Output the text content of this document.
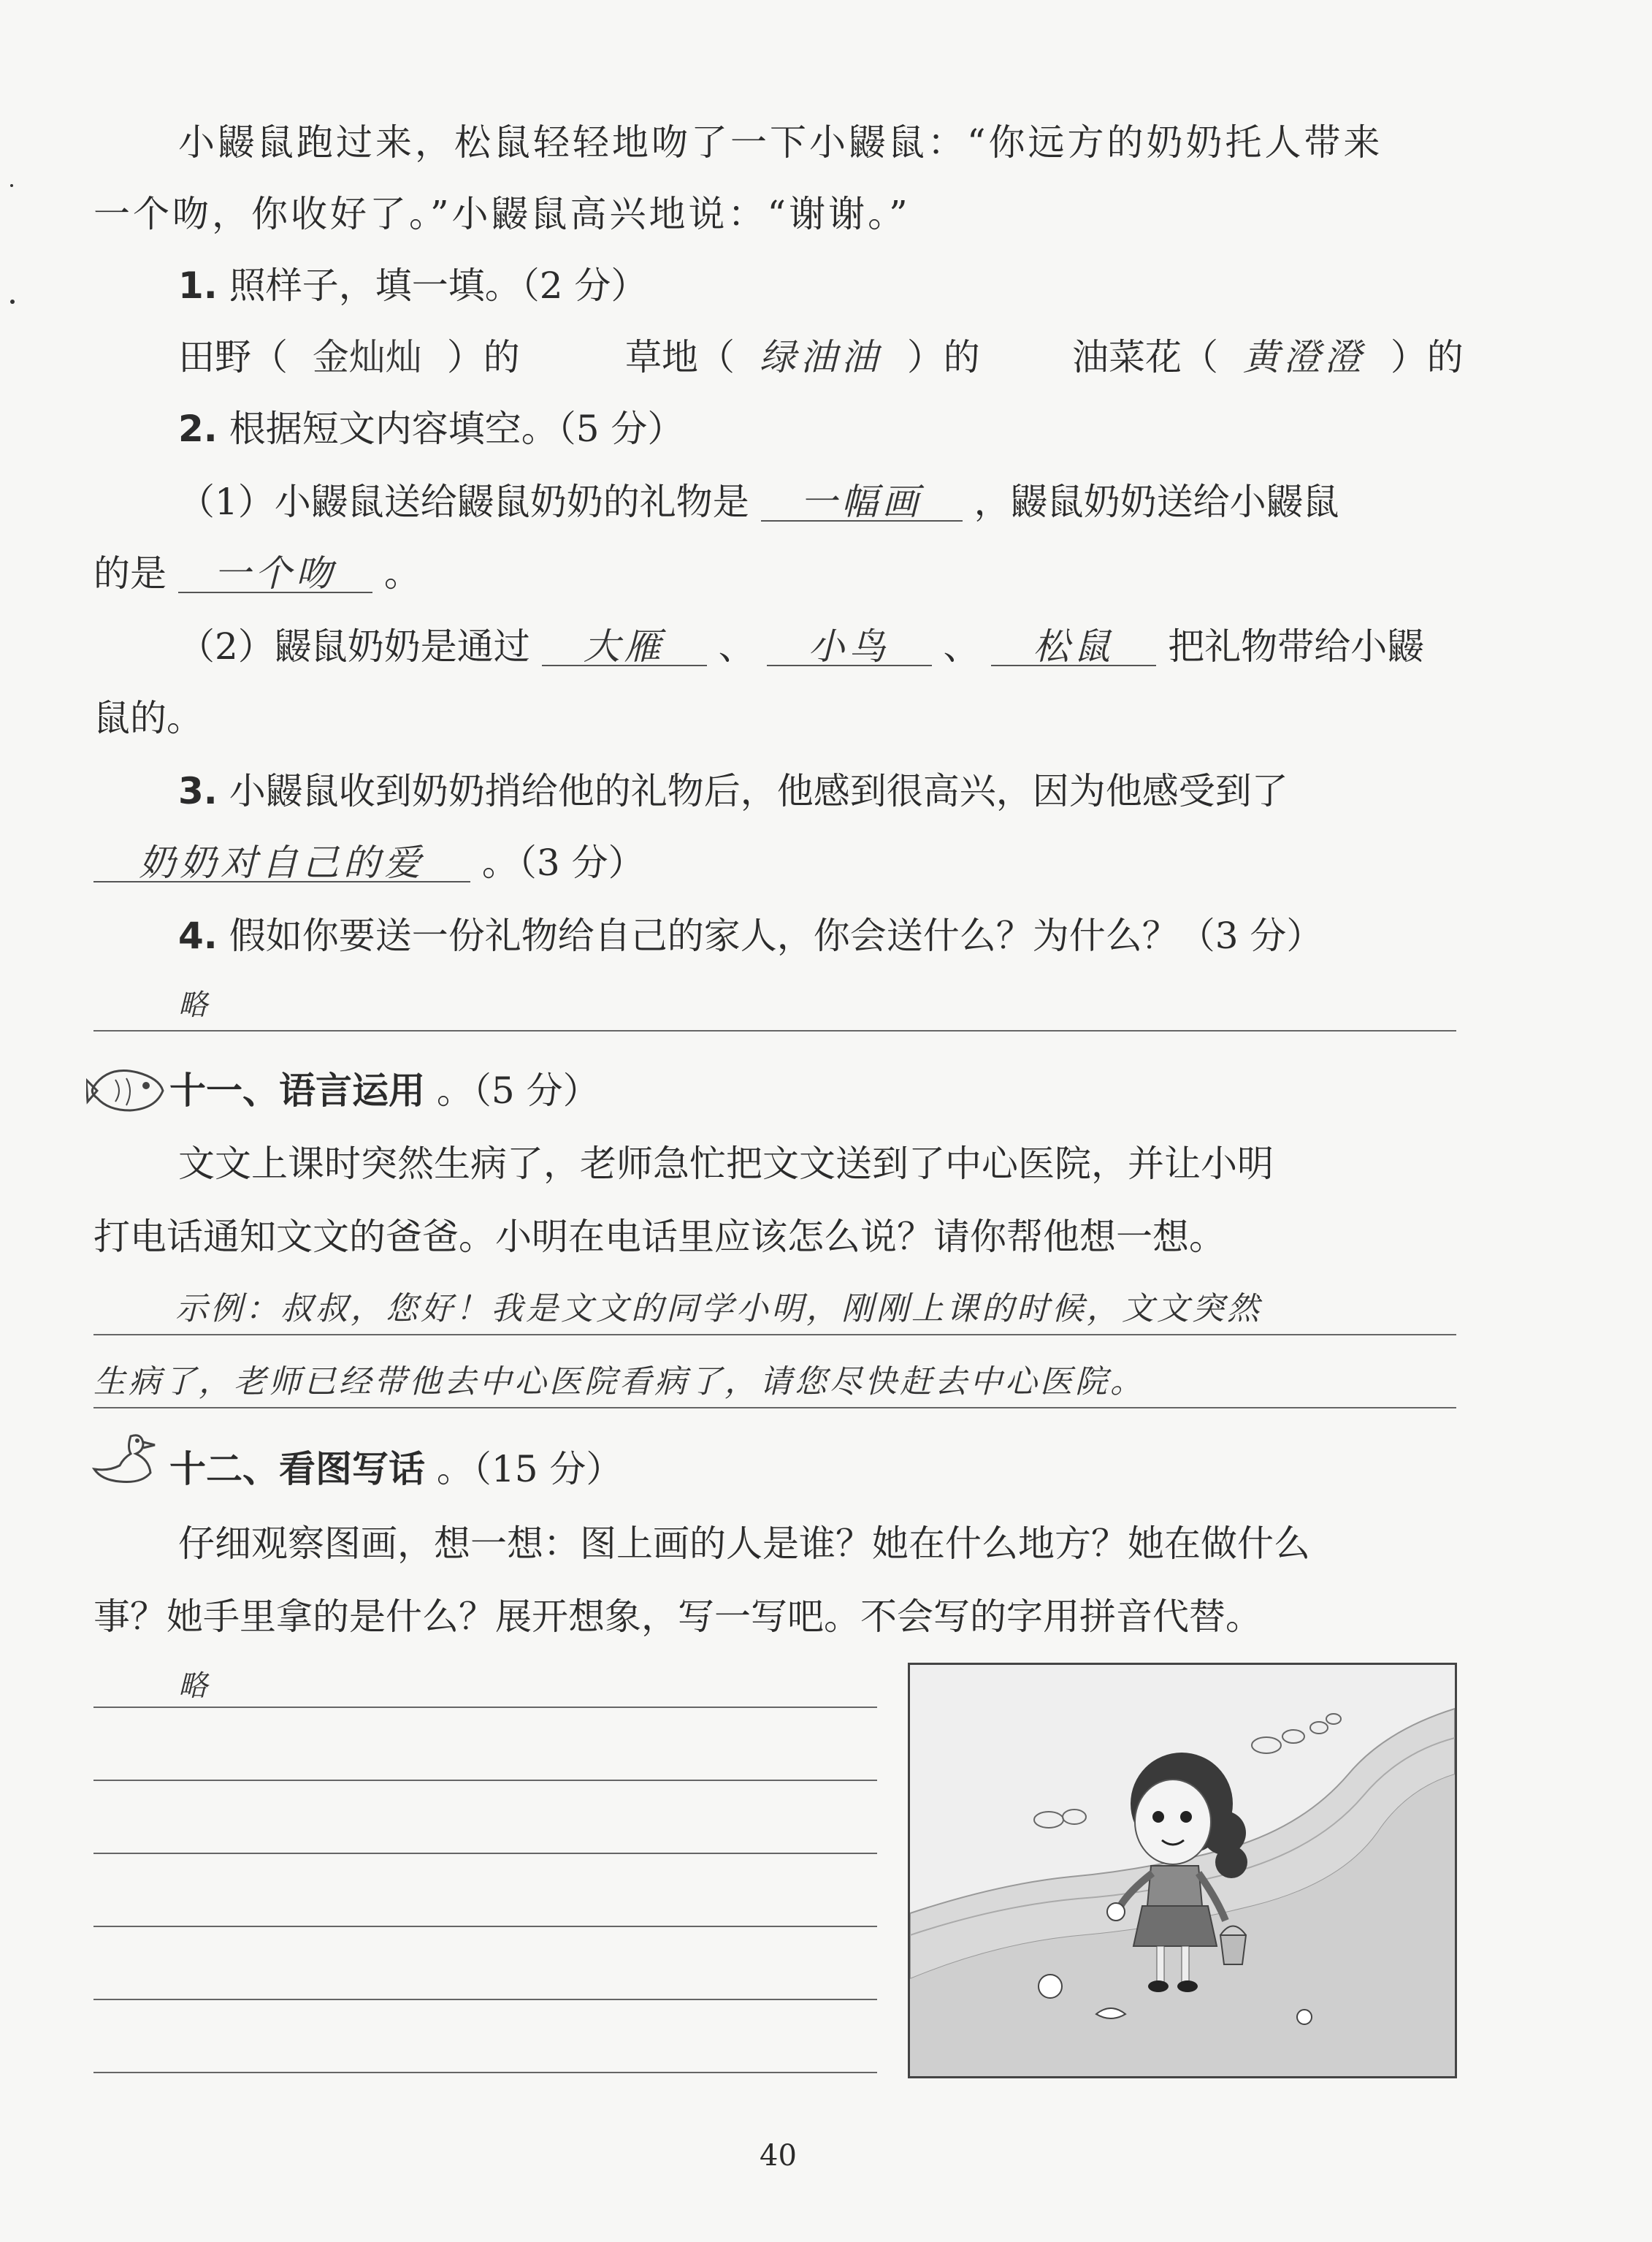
小鼹鼠跑过来，松鼠轻轻地吻了一下小鼹鼠：“你远方的奶奶托人带来
一个吻，你收好了。”小鼹鼠高兴地说：“谢谢。”
1. 照样子，填一填。（2 分）
田野（ 金灿灿 ）的	草地（ 绿油油 ）的	油菜花（ 黄澄澄 ）的
2. 根据短文内容填空。（5 分）
（1）小鼹鼠送给鼹鼠奶奶的礼物是 一幅画 ，鼹鼠奶奶送给小鼹鼠
的是 一个吻 。
（2）鼹鼠奶奶是通过 大雁 、 小鸟 、 松鼠 把礼物带给小鼹
鼠的。
3. 小鼹鼠收到奶奶捎给他的礼物后，他感到很高兴，因为他感受到了
奶奶对自己的爱 。（3 分）
4. 假如你要送一份礼物给自己的家人，你会送什么？为什么？（3 分）
略
十一、语言运用 。（5 分）
文文上课时突然生病了，老师急忙把文文送到了中心医院，并让小明
打电话通知文文的爸爸。小明在电话里应该怎么说？请你帮他想一想。
示例：叔叔，您好！我是文文的同学小明，刚刚上课的时候，文文突然
生病了，老师已经带他去中心医院看病了，请您尽快赶去中心医院。
十二、看图写话 。（15 分）
仔细观察图画，想一想：图上画的人是谁？她在什么地方？她在做什么
事？她手里拿的是什么？展开想象，写一写吧。不会写的字用拼音代替。
略
40
